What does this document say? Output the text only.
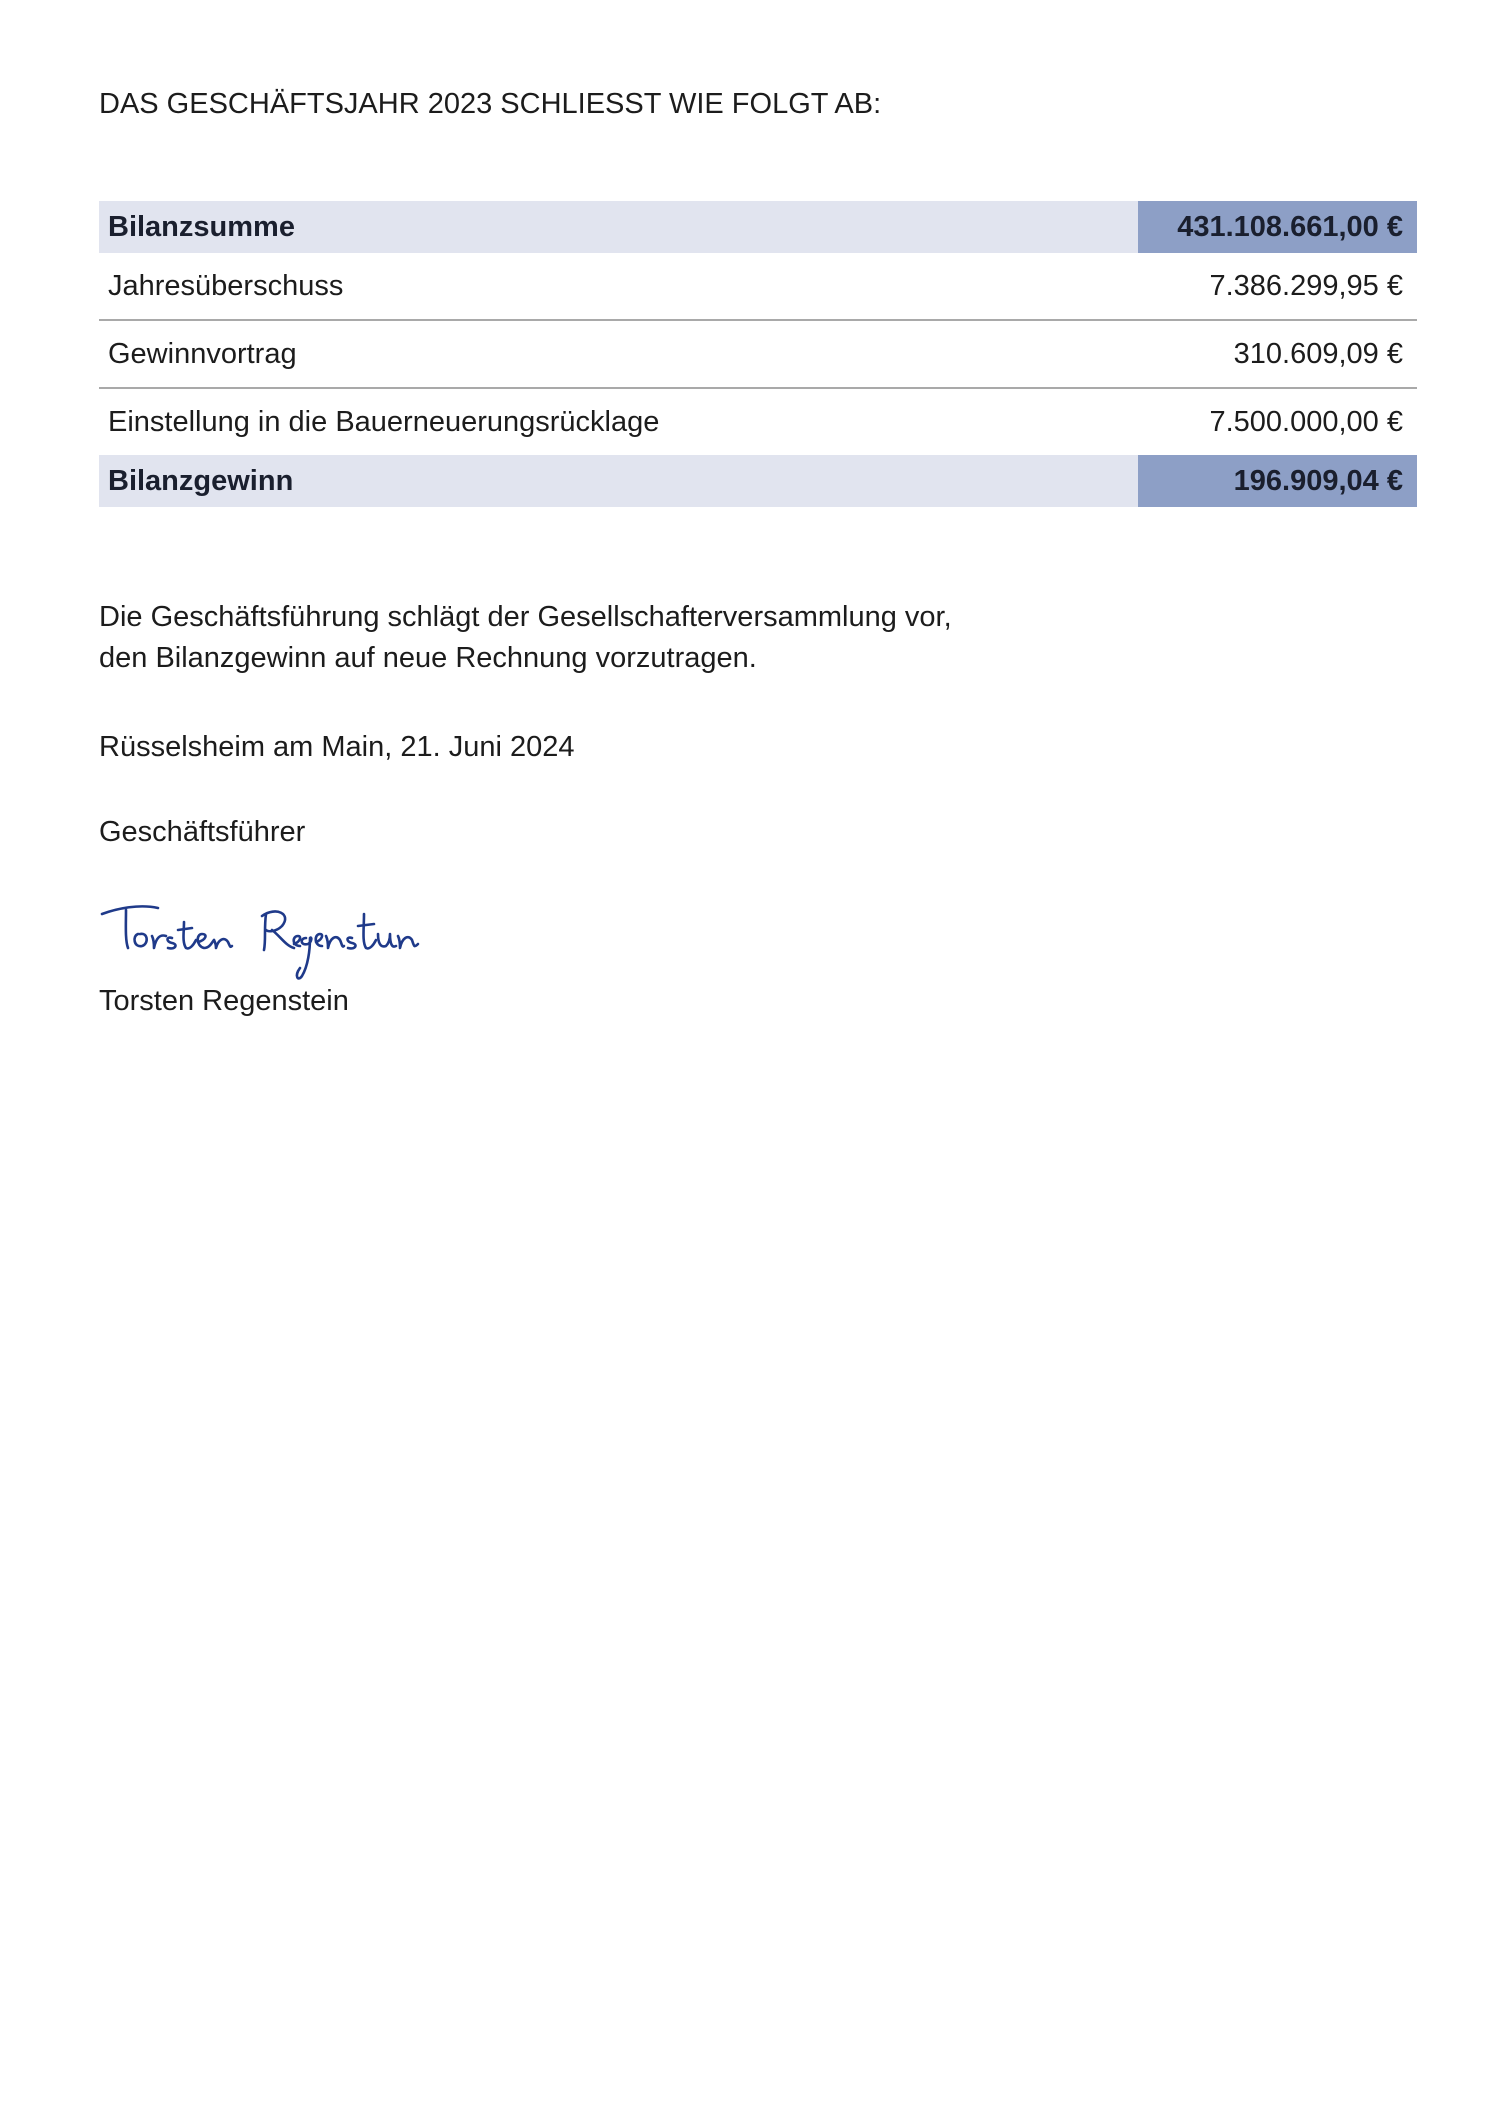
DAS GESCHÄFTSJAHR 2023 SCHLIESST WIE FOLGT AB:
Bilanzsumme	431.108.661,00 €
Jahresüberschuss	7.386.299,95 €
Gewinnvortrag	310.609,09 €
Einstellung in die Bauerneuerungsrücklage	7.500.000,00 €
Bilanzgewinn	196.909,04 €

Die Geschäftsführung schlägt der Gesellschafterversammlung vor,
den Bilanzgewinn auf neue Rechnung vorzutragen.

Rüsselsheim am Main, 21. Juni 2024

Geschäftsführer

Torsten Regenstein
